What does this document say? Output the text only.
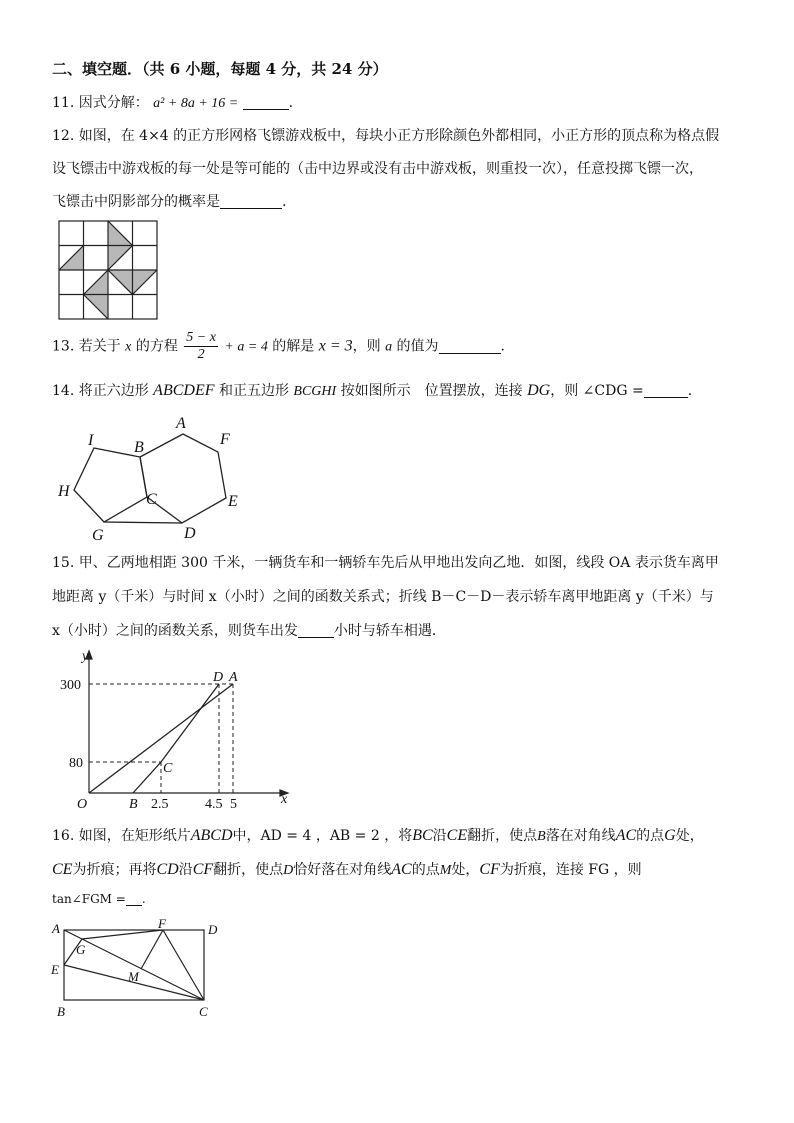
二、填空题．（共 6 小题，每题 4 分，共 24 分）
11. 因式分解： a² + 8a + 16 =	.
12. 如图，在 4×4 的正方形网格飞镖游戏板中，每块小正方形除颜色外都相同，小正方形的顶点称为格点假
设飞镖击中游戏板的每一处是等可能的（击中边界或没有击中游戏板，则重投一次），任意投掷飞镖一次，
飞镖击中阴影部分的概率是	.
13. 若关于 x 的方程 $\frac{5 - x}{2} + a = 4$ 的解是 x = 3，则 a 的值为	.
14. 将正六边形 ABCDEF 和正五边形 BCGHI 按如图所示　位置摆放，连接 DG，则 ∠CDG =	.
I	B
A
F
H	C	E
G	D
15. 甲、乙两地相距 300 千米，一辆货车和一辆轿车先后从甲地出发向乙地．如图，线段 OA 表示货车离甲
地距离 y（千米）与时间 x（小时）之间的函数关系式；折线 B－C－D－表示轿车离甲地距离 y（千米）与
x（小时）之间的函数关系，则货车出发	小时与轿车相遇．
y
x
O
300
80
B 2.5	4.5 5
D A
C
16. 如图，在矩形纸片ABCD中，AD = 4 ，AB = 2 ，将BC沿CE翻折，使点B落在对角线AC的点G处，
CE为折痕；再将CD沿CF翻折，使点D恰好落在对角线AC的点M处，CF为折痕，连接 FG ，则
tan∠FGM = .
A	F	D
G
E	M
B	C
